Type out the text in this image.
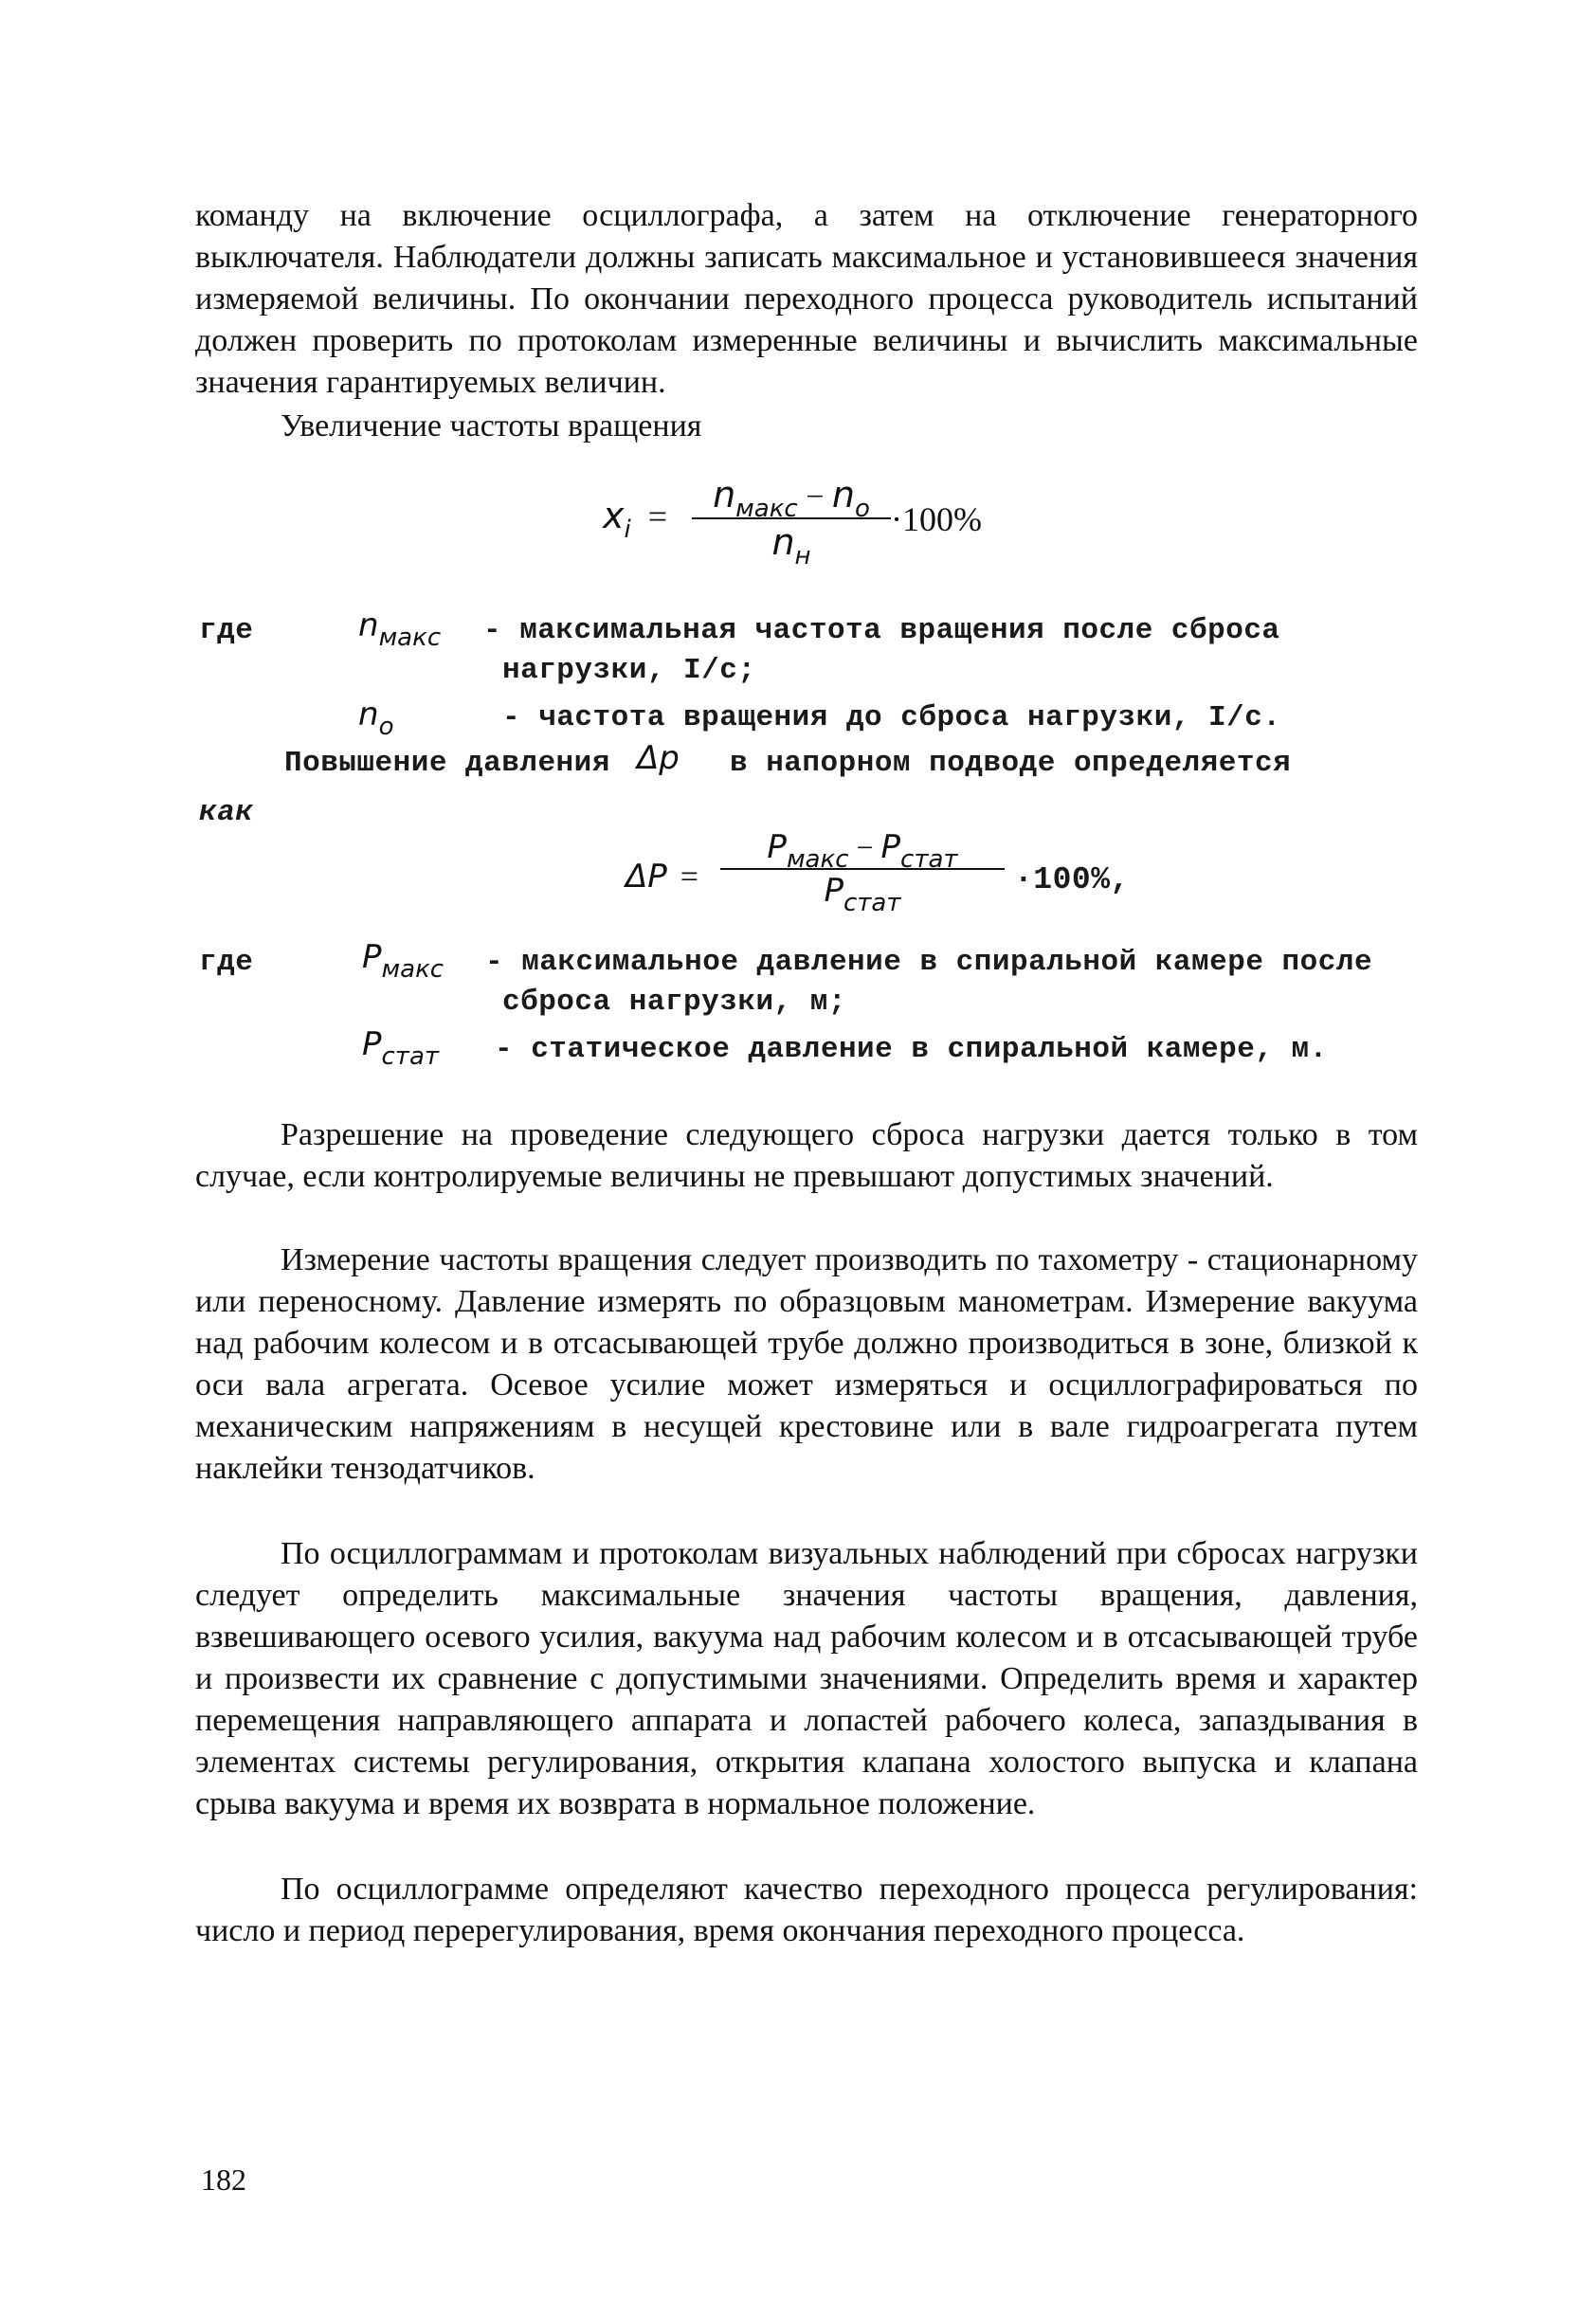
команду на включение осциллографа, а затем на отключение генераторного выключателя. Наблюдатели должны записать максимальное и установившееся значения измеряемой величины. По окончании переходного процесса руководитель испытаний должен проверить по протоколам измеренные величины и вычислить максимальные значения гарантируемых величин.
Увеличение частоты вращения
xi =
nмакс − no
nн
·100%
где	nмакс - максимальная частота вращения после сброса
нагрузки, I/c;
no	- частота вращения до сброса нагрузки, I/c.
Повышение давления Δp в напорном подводе определяется
как
ΔP =
Pмакс − Pстат
Pстат
·100%,
где	Pмакс - максимальное давление в спиральной камере после
сброса нагрузки, м;
Pстат - статическое давление в спиральной камере, м.
Разрешение на проведение следующего сброса нагрузки дается только в том случае, если контролируемые величины не превышают допустимых значений.
Измерение частоты вращения следует производить по тахометру - стационарному или переносному. Давление измерять по образцовым манометрам. Измерение вакуума над рабочим колесом и в отсасывающей трубе должно производиться в зоне, близкой к оси вала агрегата. Осевое усилие может измеряться и осциллографироваться по механическим напряжениям в несущей крестовине или в вале гидроагрегата путем наклейки тензодатчиков.
По осциллограммам и протоколам визуальных наблюдений при сбросах нагрузки следует определить максимальные значения частоты вращения, давления, взвешивающего осевого усилия, вакуума над рабочим колесом и в отсасывающей трубе и произвести их сравнение с допустимыми значениями. Определить время и характер перемещения направляющего аппарата и лопастей рабочего колеса, запаздывания в элементах системы регулирования, открытия клапана холостого выпуска и клапана срыва вакуума и время их возврата в нормальное положение.
По осциллограмме определяют качество переходного процесса регулирования: число и период перерегулирования, время окончания переходного процесса.
182
